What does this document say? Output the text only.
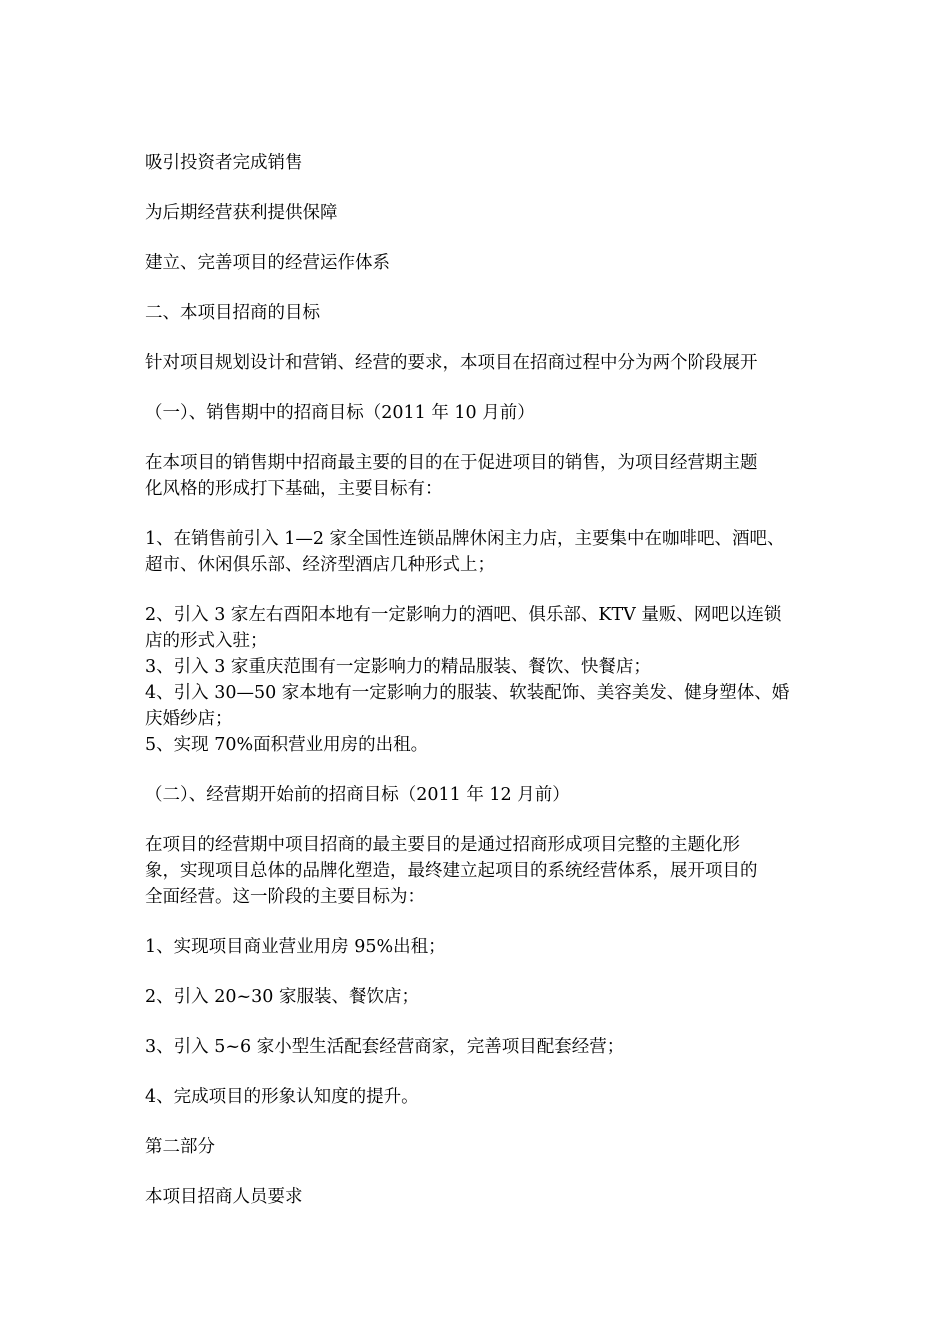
吸引投资者完成销售
为后期经营获利提供保障
建立、完善项目的经营运作体系
二、本项目招商的目标
针对项目规划设计和营销、经营的要求，本项目在招商过程中分为两个阶段展开
（一）、销售期中的招商目标（2011 年 10 月前）
在本项目的销售期中招商最主要的目的在于促进项目的销售，为项目经营期主题
化风格的形成打下基础，主要目标有：
1、在销售前引入 1—2 家全国性连锁品牌休闲主力店，主要集中在咖啡吧、酒吧、
超市、休闲俱乐部、经济型酒店几种形式上；
2、引入 3 家左右酉阳本地有一定影响力的酒吧、俱乐部、KTV 量贩、网吧以连锁
店的形式入驻；
3、引入 3 家重庆范围有一定影响力的精品服装、餐饮、快餐店；
4、引入 30—50 家本地有一定影响力的服装、软装配饰、美容美发、健身塑体、婚
庆婚纱店；
5、实现 70%面积营业用房的出租。
（二）、经营期开始前的招商目标（2011 年 12 月前）
在项目的经营期中项目招商的最主要目的是通过招商形成项目完整的主题化形
象，实现项目总体的品牌化塑造，最终建立起项目的系统经营体系，展开项目的
全面经营。这一阶段的主要目标为：
1、实现项目商业营业用房 95%出租；
2、引入 20~30 家服装、餐饮店；
3、引入 5~6 家小型生活配套经营商家，完善项目配套经营；
4、完成项目的形象认知度的提升。
第二部分
本项目招商人员要求
